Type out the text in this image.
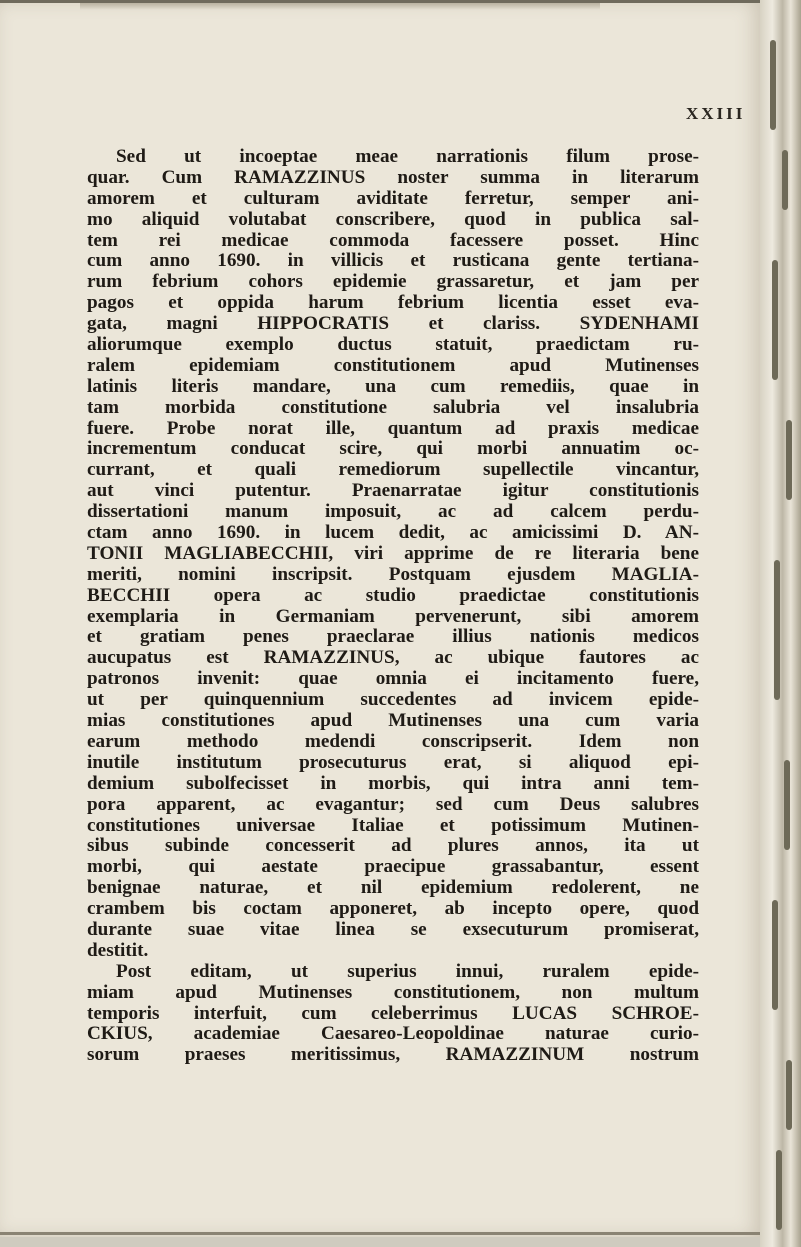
XXIII
Sed ut incoeptae meae narrationis filum prose-
quar. Cum RAMAZZINUS noster summa in literarum
amorem et culturam aviditate ferretur, semper ani-
mo aliquid volutabat conscribere, quod in publica sal-
tem rei medicae commoda facessere posset. Hinc
cum anno 1690. in villicis et rusticana gente tertiana-
rum febrium cohors epidemie grassaretur, et jam per
pagos et oppida harum febrium licentia esset eva-
gata, magni HIPPOCRATIS et clariss. SYDENHAMI
aliorumque exemplo ductus statuit, praedictam ru-
ralem epidemiam constitutionem apud Mutinenses
latinis literis mandare, una cum remediis, quae in
tam morbida constitutione salubria vel insalubria
fuere. Probe norat ille, quantum ad praxis medicae
incrementum conducat scire, qui morbi annuatim oc-
currant, et quali remediorum supellectile vincantur,
aut vinci putentur. Praenarratae igitur constitutionis
dissertationi manum imposuit, ac ad calcem perdu-
ctam anno 1690. in lucem dedit, ac amicissimi D. AN-
TONII MAGLIABECCHII, viri apprime de re literaria bene
meriti, nomini inscripsit. Postquam ejusdem MAGLIA-
BECCHII opera ac studio praedictae constitutionis
exemplaria in Germaniam pervenerunt, sibi amorem
et gratiam penes praeclarae illius nationis medicos
aucupatus est RAMAZZINUS, ac ubique fautores ac
patronos invenit: quae omnia ei incitamento fuere,
ut per quinquennium succedentes ad invicem epide-
mias constitutiones apud Mutinenses una cum varia
earum methodo medendi conscripserit. Idem non
inutile institutum prosecuturus erat, si aliquod epi-
demium subolfecisset in morbis, qui intra anni tem-
pora apparent, ac evagantur; sed cum Deus salubres
constitutiones universae Italiae et potissimum Mutinen-
sibus subinde concesserit ad plures annos, ita ut
morbi, qui aestate praecipue grassabantur, essent
benignae naturae, et nil epidemium redolerent, ne
crambem bis coctam apponeret, ab incepto opere, quod
durante suae vitae linea se exsecuturum promiserat,
destitit.
Post editam, ut superius innui, ruralem epide-
miam apud Mutinenses constitutionem, non multum
temporis interfuit, cum celeberrimus LUCAS SCHROE-
CKIUS, academiae Caesareo-Leopoldinae naturae curio-
sorum praeses meritissimus, RAMAZZINUM nostrum
